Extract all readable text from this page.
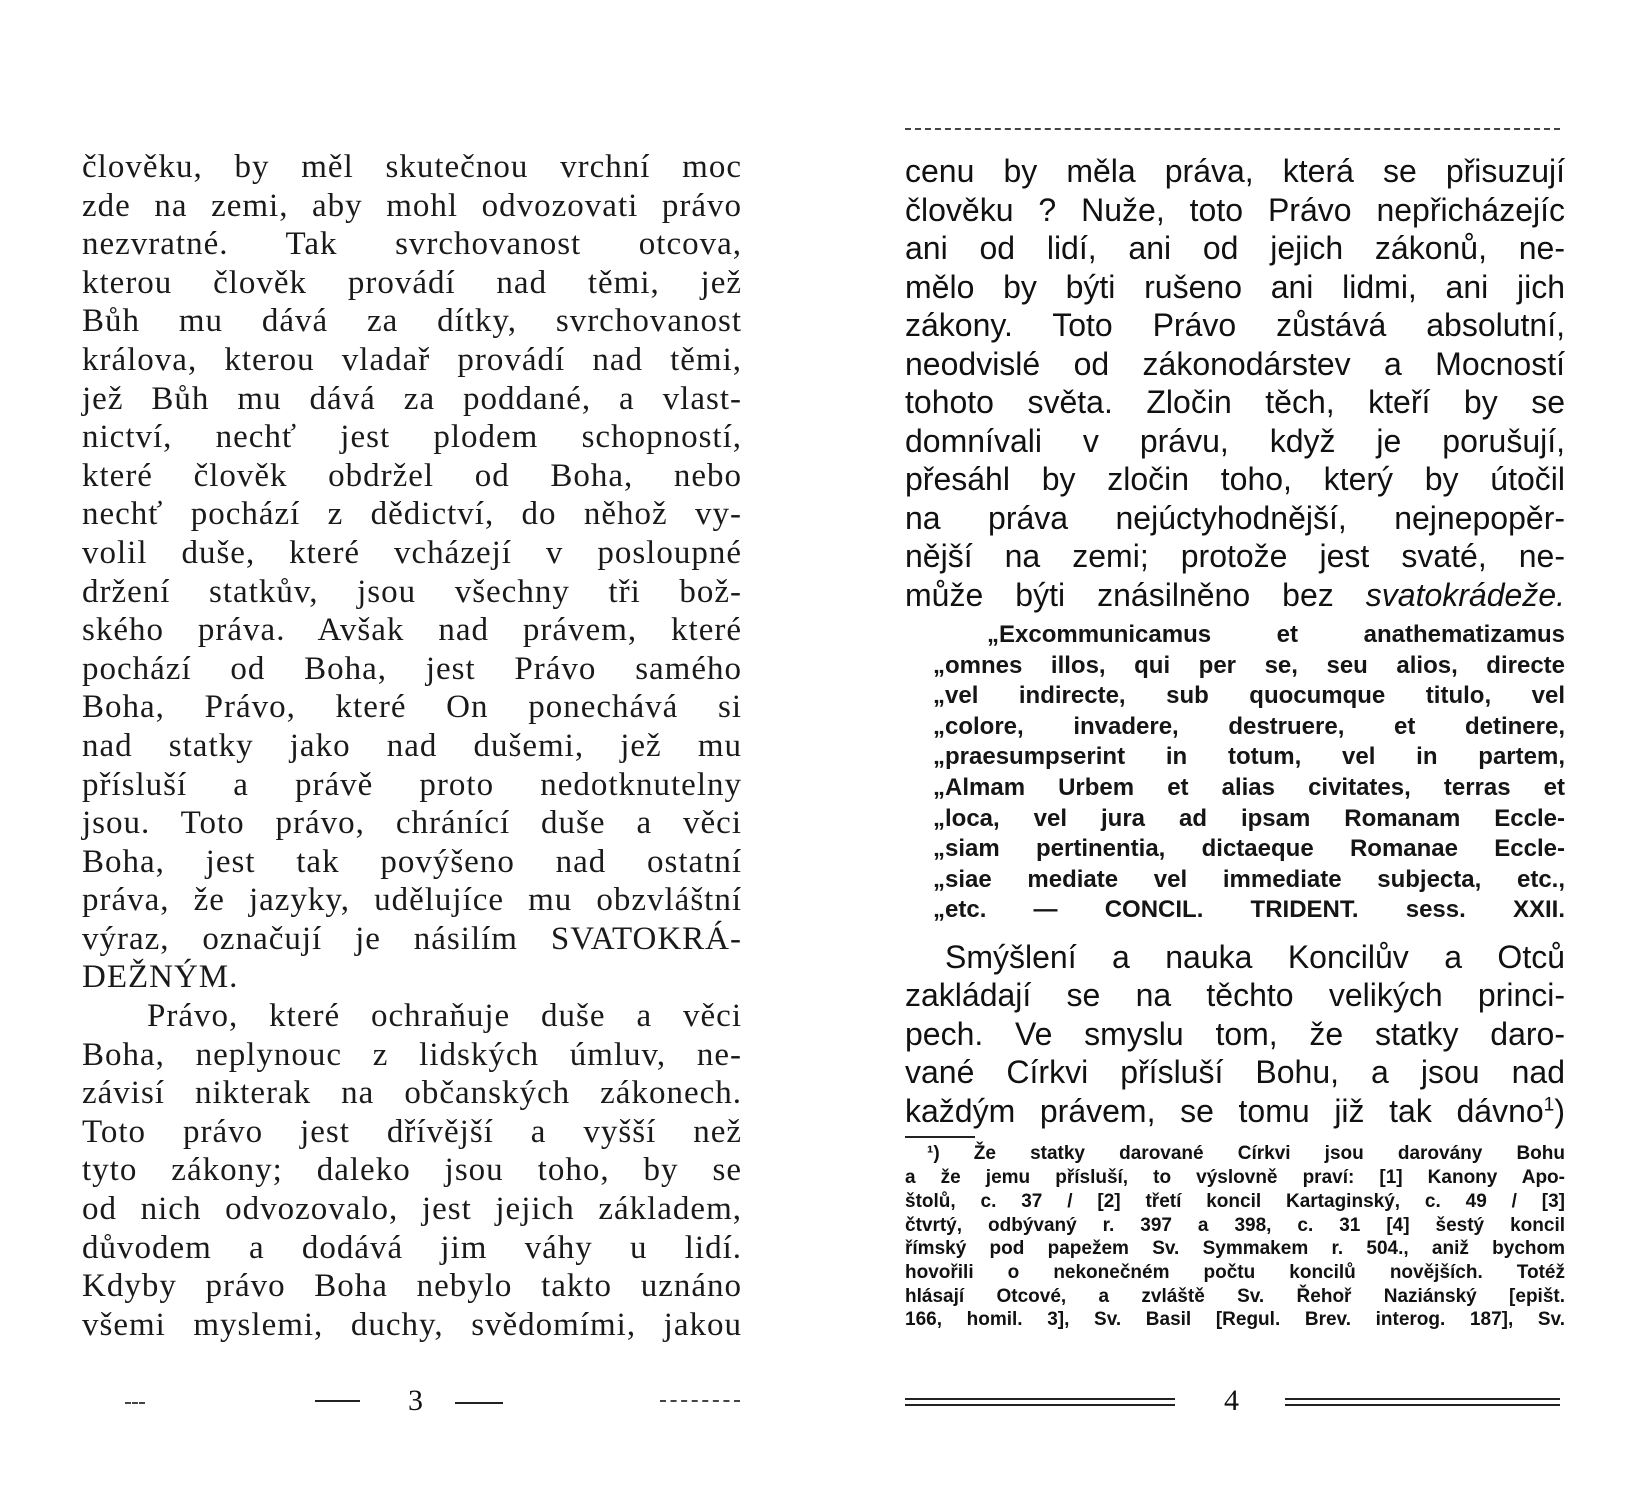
člověku, by měl skutečnou vrchní moc
zde na zemi, aby mohl odvozovati právo
nezvratné. Tak svrchovanost otcova,
kterou člověk provádí nad těmi, jež
Bůh mu dává za dítky, svrchovanost
králova, kterou vladař provádí nad těmi,
jež Bůh mu dává za poddané, a vlast-
nictví, nechť jest plodem schopností,
které člověk obdržel od Boha, nebo
nechť pochází z dědictví, do něhož vy-
volil duše, které vcházejí v posloupné
držení statkův, jsou všechny tři bož-
ského práva. Avšak nad právem, které
pochází od Boha, jest Právo samého
Boha, Právo, které On ponechává si
nad statky jako nad dušemi, jež mu
přísluší a právě proto nedotknutelny
jsou. Toto právo, chránící duše a věci
Boha, jest tak povýšeno nad ostatní
práva, že jazyky, udělujíce mu obzvláštní
výraz, označují je násilím SVATOKRÁ-
DEŽNÝM.
Právo, které ochraňuje duše a věci
Boha, neplynouc z lidských úmluv, ne-
závisí nikterak na občanských zákonech.
Toto právo jest dřívější a vyšší než
tyto zákony; daleko jsou toho, by se
od nich odvozovalo, jest jejich základem,
důvodem a dodává jim váhy u lidí.
Kdyby právo Boha nebylo takto uznáno
všemi myslemi, duchy, svědomími, jakou
3
cenu by měla práva, která se přisuzují
člověku ? Nuže, toto Právo nepřicházejíc
ani od lidí, ani od jejich zákonů, ne-
mělo by býti rušeno ani lidmi, ani jich
zákony. Toto Právo zůstává absolutní,
neodvislé od zákonodárstev a Mocností
tohoto světa. Zločin těch, kteří by se
domnívali v právu, když je porušují,
přesáhl by zločin toho, který by útočil
na práva nejúctyhodnější, nejnepopěr-
nější na zemi; protože jest svaté, ne-
může býti znásilněno bez svatokrádeže.
„Excommunicamus et anathematizamus
„omnes illos, qui per se, seu alios, directe
„vel indirecte, sub quocumque titulo, vel
„colore, invadere, destruere, et detinere,
„praesumpserint in totum, vel in partem,
„Almam Urbem et alias civitates, terras et
„loca, vel jura ad ipsam Romanam Eccle-
„siam pertinentia, dictaeque Romanae Eccle-
„siae mediate vel immediate subjecta, etc.,
„etc. — CONCIL. TRIDENT. sess. XXII.
Smýšlení a nauka Koncilův a Otců
zakládají se na těchto velikých princi-
pech. Ve smyslu tom, že statky darо-
vané Církvi přísluší Bohu, a jsou nad
každým právem, se tomu již tak dávno$^1$)
¹) Že statky darované Církvi jsou darovány Bohu
a že jemu přísluší, to výslovně praví: [1] Kanony Apo-
štolů, c. 37 / [2] třetí koncil Kartaginský, c. 49 / [3]
čtvrtý, odbývaný r. 397 a 398, c. 31 [4] šestý koncil
římský pod papežem Sv. Symmakem r. 504., aniž bychom
hovořili o nekonečném počtu koncilů novějších. Totéž
hlásají Otcové, a zvláště Sv. Řehoř Naziánský [epišt.
166, homil. 3], Sv. Basil [Regul. Brev. interog. 187], Sv.
4
